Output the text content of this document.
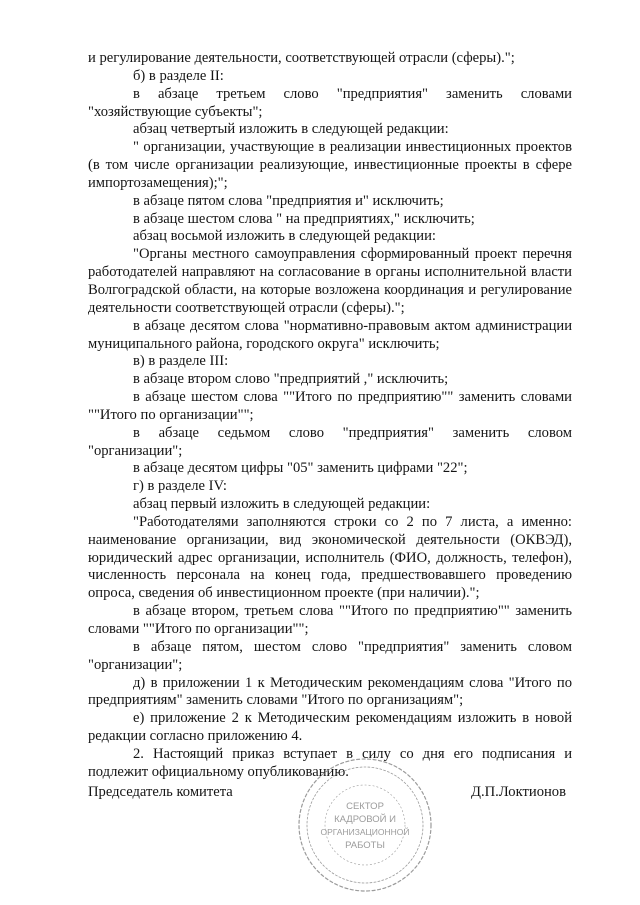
и регулирование деятельности, соответствующей отрасли (сферы).";

б) в разделе II:

в абзаце третьем слово "предприятия" заменить словами "хозяйствующие субъекты";

абзац четвертый изложить в следующей редакции:

" организации, участвующие в реализации инвестиционных проектов (в том числе организации реализующие, инвестиционные проекты в сфере импортозамещения);";

в абзаце пятом слова "предприятия и" исключить;

в абзаце шестом слова " на предприятиях," исключить;

абзац восьмой изложить в следующей редакции:

"Органы местного самоуправления сформированный проект перечня работодателей направляют на согласование в органы исполнительной власти Волгоградской области, на которые возложена координация и регулирование деятельности соответствующей отрасли (сферы).";

в абзаце десятом слова "нормативно-правовым актом администрации муниципального района, городского округа" исключить;

в) в разделе III:

в абзаце втором слово "предприятий ," исключить;

в абзаце шестом слова ""Итого по предприятию"" заменить словами ""Итого по организации"";

в абзаце седьмом слово "предприятия" заменить словом "организации";

в абзаце десятом цифры "05" заменить цифрами "22";

г) в разделе IV:

абзац первый изложить в следующей редакции:

"Работодателями заполняются строки со 2 по 7 листа, а именно: наименование организации, вид экономической деятельности (ОКВЭД), юридический адрес организации, исполнитель (ФИО, должность, телефон), численность персонала на конец года, предшествовавшего проведению опроса, сведения об инвестиционном проекте (при наличии).";

в абзаце втором, третьем слова ""Итого по предприятию"" заменить словами ""Итого по организации"";

в абзаце пятом, шестом слово "предприятия" заменить словом "организации";

д) в приложении 1 к Методическим рекомендациям слова "Итого по предприятиям" заменить словами "Итого по организациям";

е) приложение 2 к Методическим рекомендациям изложить в новой редакции согласно приложению 4.

2. Настоящий приказ вступает в силу со дня его подписания и подлежит официальному опубликованию.

Председатель комитета	Д.П.Локтионов
СЕКТОР
КАДРОВОЙ И
ОРГАНИЗАЦИОННОЙ
РАБОТЫ
